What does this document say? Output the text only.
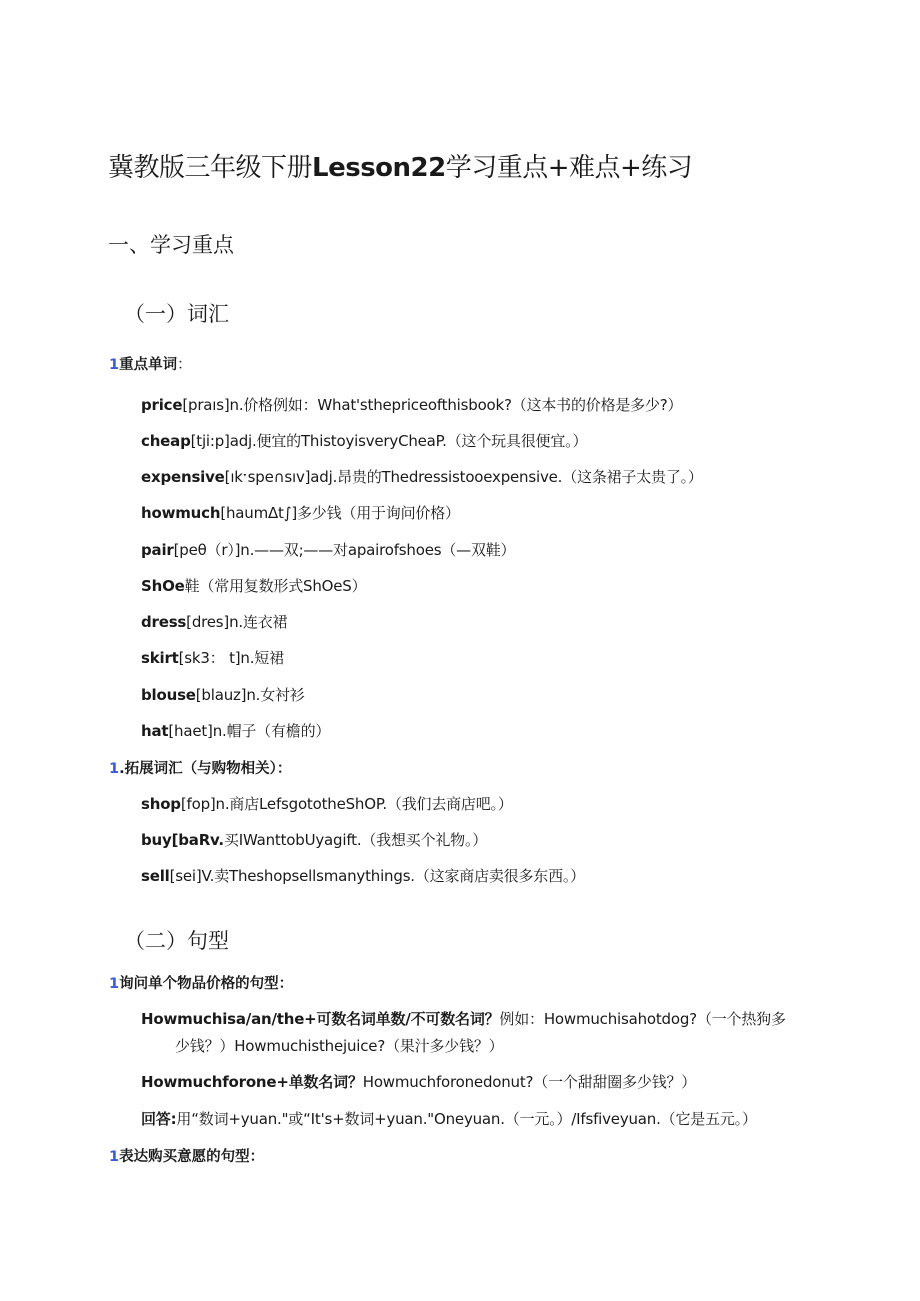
冀教版三年级下册Lesson22学习重点+难点+练习
一、学习重点
（一）词汇
1重点单词：
price[praıs]n.价格例如：What'sthepriceofthisbook?（这本书的价格是多少?）
cheap[tji:p]adj.便宜的ThistoyisveryCheaP.（这个玩具很便宜。）
expensive[ıkˑspe∩sıv]adj.昂贵的Thedressistooexpensive.（这条裙子太贵了。）
howmuch[haumΔt∫]多少钱（用于询问价格）
pair[peθ（r）]n.——双;——对apairofshoes（—双鞋）
ShOe鞋（常用复数形式ShOeS）
dress[dres]n.连衣裙
skirt[sk3： t]n.短裙
blouse[blauz]n.女衬衫
hat[haet]n.帽子（有檐的）
1.拓展词汇（与购物相关）：
shop[fop]n.商店LefsgototheShOP.（我们去商店吧。）
buy[baRv.买IWanttobUyagift.（我想买个礼物。）
sell[sei]V.卖Theshopsellsmanythings.（这家商店卖很多东西。）
（二）句型
1询问单个物品价格的句型：
Howmuchisa/an/the+可数名词单数/不可数名词？例如：Howmuchisahotdog?（一个热狗多
少钱？）Howmuchisthejuice?（果汁多少钱？）
Howmuchforone+单数名词？Howmuchforonedonut?（一个甜甜圈多少钱？）
回答:用“数词+yuan."或“It's+数词+yuan."Oneyuan.（一元。）/Ifsfiveyuan.（它是五元。）
1表达购买意愿的句型：
